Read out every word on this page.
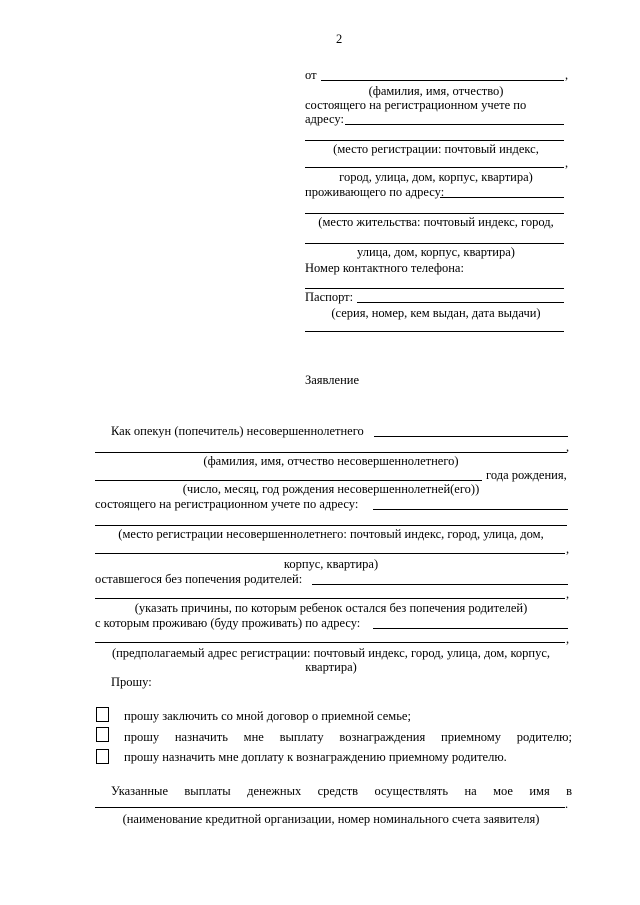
2
от	,
(фамилия, имя, отчество)
состоящего на регистрационном учете по
адресу:
(место регистрации: почтовый индекс,
,
город, улица, дом, корпус, квартира)
проживающего по адресу:
(место жительства: почтовый индекс, город,
улица, дом, корпус, квартира)
Номер контактного телефона:
Паспорт:
(серия, номер, кем выдан, дата выдачи)
Заявление
Как опекун (попечитель) несовершеннолетнего
,
(фамилия, имя, отчество несовершеннолетнего)
года рождения,
(число, месяц, год рождения несовершеннолетней(его))
состоящего на регистрационном учете по адресу:
(место регистрации несовершеннолетнего: почтовый индекс, город, улица, дом,
,
корпус, квартира)
оставшегося без попечения родителей:
,
(указать причины, по которым ребенок остался без попечения родителей)
с которым проживаю (буду проживать) по адресу:
,
(предполагаемый адрес регистрации: почтовый индекс, город, улица, дом, корпус,
квартира)
Прошу:
прошу заключить со мной договор о приемной семье;
прошу назначить мне выплату вознаграждения приемному родителю;
прошу назначить мне доплату к вознаграждению приемному родителю.
Указанные выплаты денежных средств осуществлять на мое имя в
.
(наименование кредитной организации, номер номинального счета заявителя)
